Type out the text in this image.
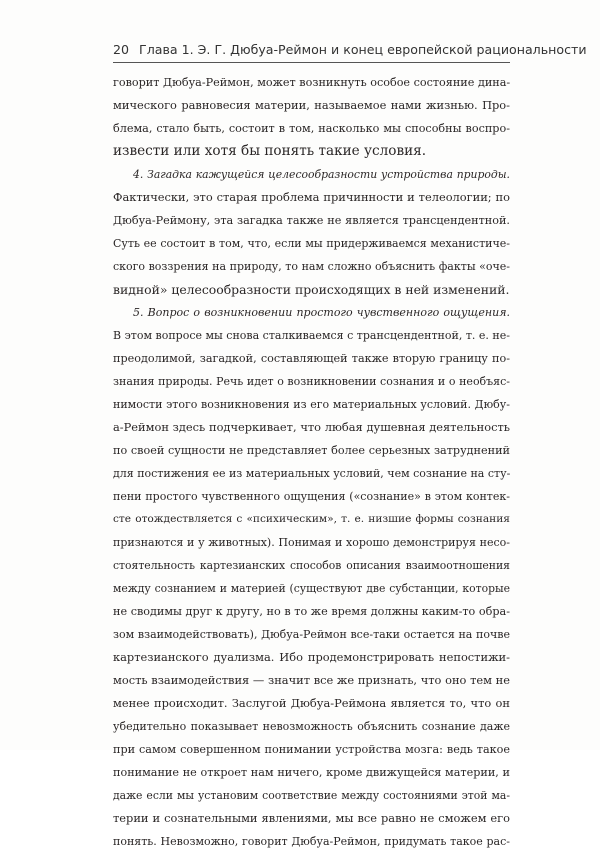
20 Глава 1. Э. Г. Дюбуа-Реймон и конец европейской рациональности
говорит Дюбуа-Реймон, может возникнуть особое состояние дина-
мического равновесия материи, называемое нами жизнью. Про-
блема, стало быть, состоит в том, насколько мы способны воспро-
извести или хотя бы понять такие условия.
4. Загадка кажущейся целесообразности устройства природы.
Фактически, это старая проблема причинности и телеологии; по
Дюбуа-Реймону, эта загадка также не является трансцендентной.
Суть ее состоит в том, что, если мы придерживаемся механистиче-
ского воззрения на природу, то нам сложно объяснить факты «оче-
видной» целесообразности происходящих в ней изменений.
5. Вопрос о возникновении простого чувственного ощущения.
В этом вопросе мы снова сталкиваемся с трансцендентной, т. е. не-
преодолимой, загадкой, составляющей также вторую границу по-
знания природы. Речь идет о возникновении сознания и о необъяс-
нимости этого возникновения из его материальных условий. Дюбу-
а-Реймон здесь подчеркивает, что любая душевная деятельность
по своей сущности не представляет более серьезных затруднений
для постижения ее из материальных условий, чем сознание на сту-
пени простого чувственного ощущения («сознание» в этом контек-
сте отождествляется с «психическим», т. е. низшие формы сознания
признаются и у животных). Понимая и хорошо демонстрируя несо-
стоятельность картезианских способов описания взаимоотношения
между сознанием и материей (существуют две субстанции, которые
не сводимы друг к другу, но в то же время должны каким-то обра-
зом взаимодействовать), Дюбуа-Реймон все-таки остается на почве
картезианского дуализма. Ибо продемонстрировать непостижи-
мость взаимодействия — значит все же признать, что оно тем не
менее происходит. Заслугой Дюбуа-Реймона является то, что он
убедительно показывает невозможность объяснить сознание даже
при самом совершенном понимании устройства мозга: ведь такое
понимание не откроет нам ничего, кроме движущейся материи, и
даже если мы установим соответствие между состояниями этой ма-
терии и сознательными явлениями, мы все равно не сможем его
понять. Невозможно, говорит Дюбуа-Реймон, придумать такое рас-
